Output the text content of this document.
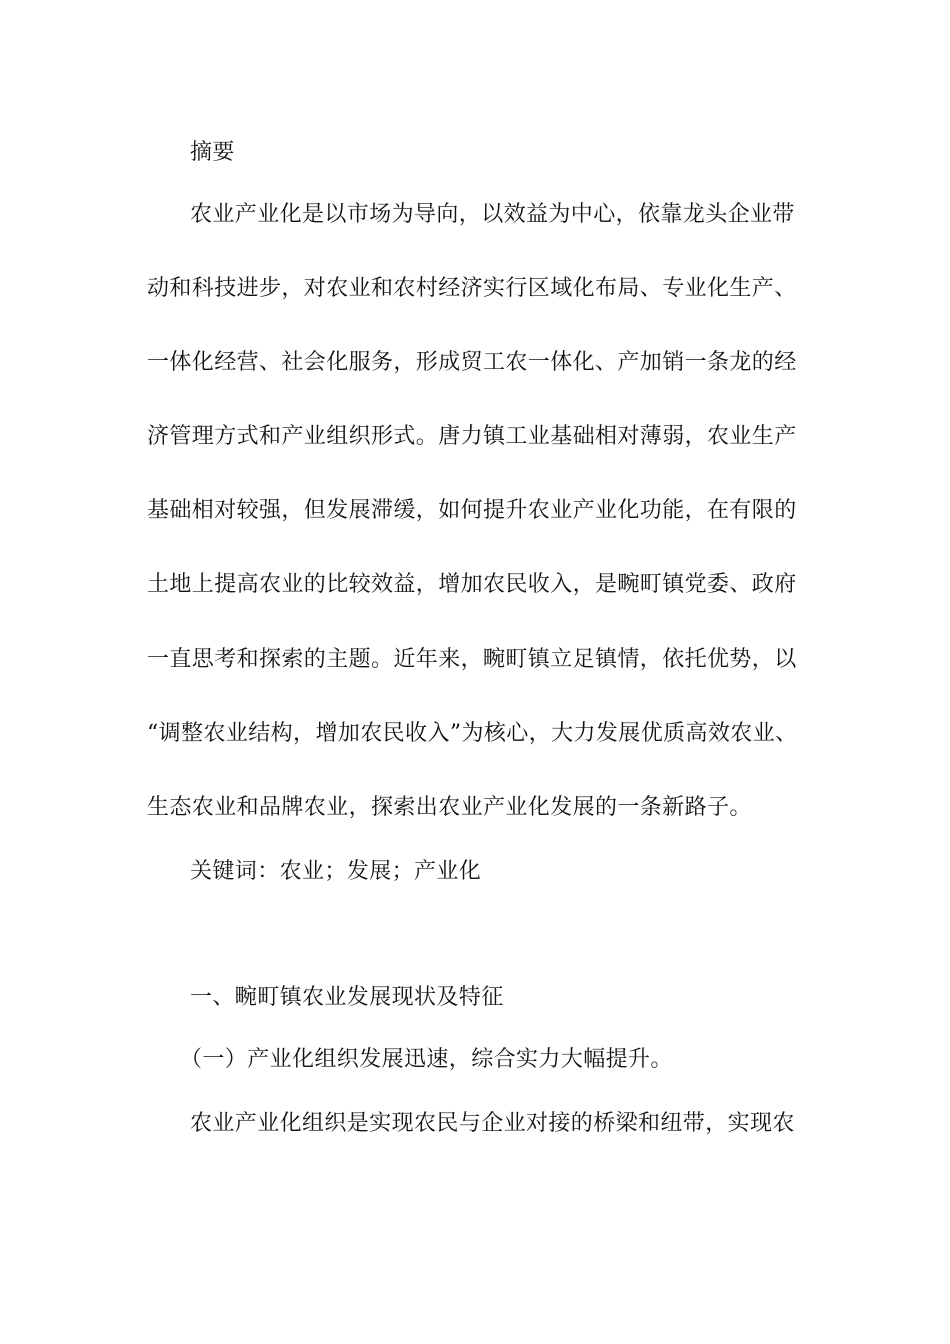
摘要
农业产业化是以市场为导向，以效益为中心，依靠龙头企业带
动和科技进步，对农业和农村经济实行区域化布局、专业化生产、
一体化经营、社会化服务，形成贸工农一体化、产加销一条龙的经
济管理方式和产业组织形式。唐力镇工业基础相对薄弱，农业生产
基础相对较强，但发展滞缓，如何提升农业产业化功能，在有限的
土地上提高农业的比较效益，增加农民收入，是畹町镇党委、政府
一直思考和探索的主题。近年来，畹町镇立足镇情，依托优势，以
“调整农业结构，增加农民收入”为核心，大力发展优质高效农业、
生态农业和品牌农业，探索出农业产业化发展的一条新路子。
关键词：农业；发展；产业化
一、畹町镇农业发展现状及特征
（一）产业化组织发展迅速，综合实力大幅提升。
农业产业化组织是实现农民与企业对接的桥梁和纽带，实现农
